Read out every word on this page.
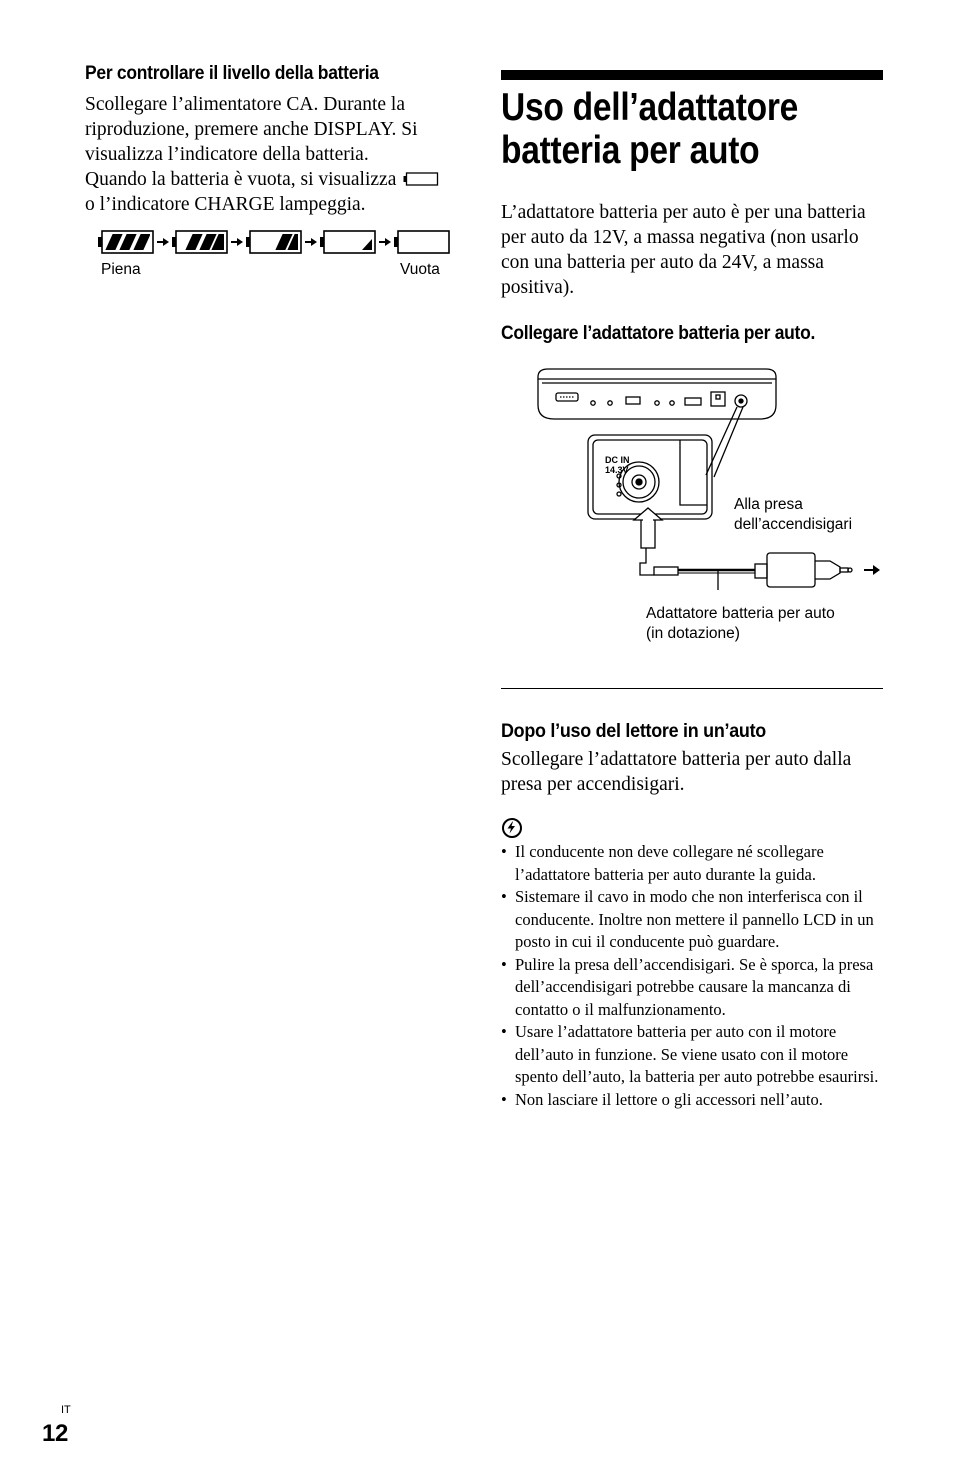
Per controllare il livello della batteria
Scollegare l’alimentatore CA. Durante la
riproduzione, premere anche DISPLAY. Si
visualizza l’indicatore della batteria.
Quando la batteria è vuota, si visualizza
o l’indicatore CHARGE lampeggia.
Piena	Vuota
Uso dell’adattatore
batteria per auto
L’adattatore batteria per auto è per una batteria per auto da 12V, a massa negativa (non usarlo con una batteria per auto da 24V, a massa positiva).
Collegare l’adattatore batteria per auto.
DC IN
14.3V
Alla presa
dell’accendisigari
Adattatore batteria per auto
(in dotazione)
Dopo l’uso del lettore in un’auto
Scollegare l’adattatore batteria per auto dalla presa per accendisigari.
• Il conducente non deve collegare né scollegare l’adattatore batteria per auto durante la guida.
• Sistemare il cavo in modo che non interferisca con il conducente. Inoltre non mettere il pannello LCD in un posto in cui il conducente può guardare.
• Pulire la presa dell’accendisigari. Se è sporca, la presa dell’accendisigari potrebbe causare la mancanza di contatto o il malfunzionamento.
• Usare l’adattatore batteria per auto con il motore dell’auto in funzione. Se viene usato con il motore spento dell’auto, la batteria per auto potrebbe esaurirsi.
• Non lasciare il lettore o gli accessori nell’auto.
IT
12
